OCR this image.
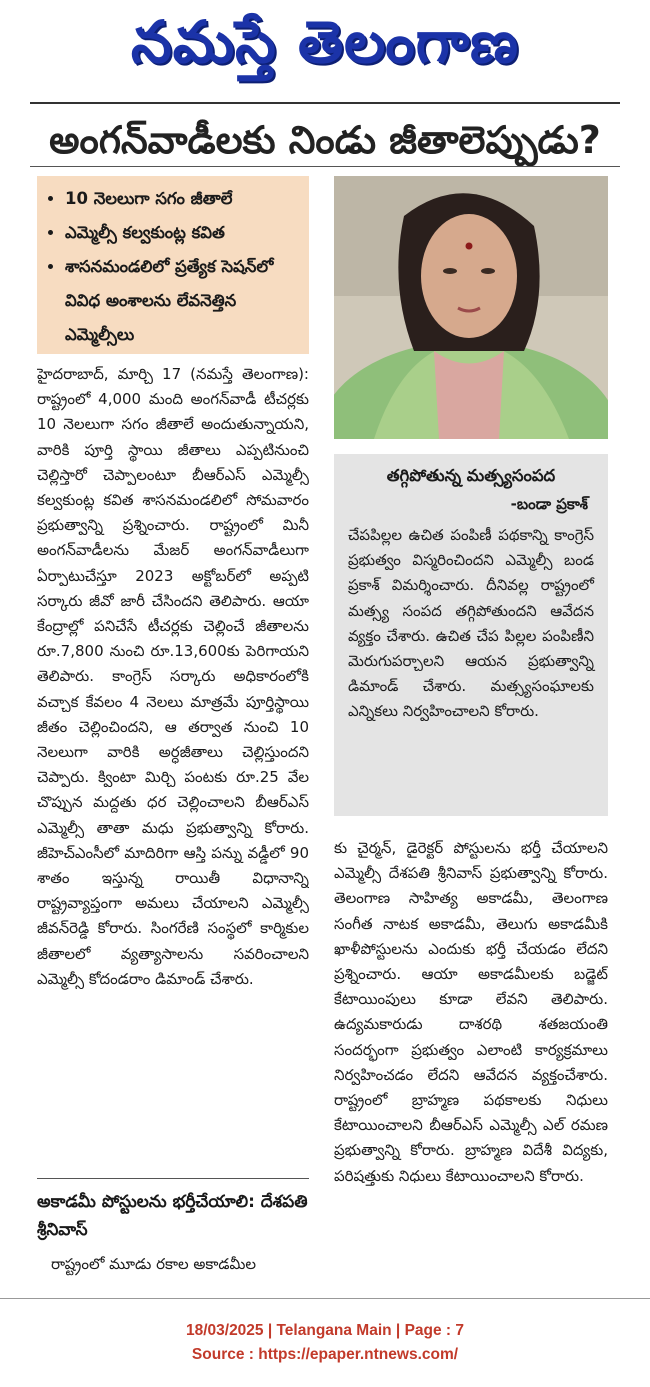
నమస్తే తెలంగాణ
అంగన్‌వాడీలకు నిండు జీతాలెప్పుడు?
• 10 నెలలుగా సగం జీతాలే
• ఎమ్మెల్సీ కల్వకుంట్ల కవిత
• శాసనమండలిలో ప్రత్యేక సెషన్‌లో వివిధ అంశాలను లేవనెత్తిన ఎమ్మెల్సీలు

హైదరాబాద్, మార్చి 17 (నమస్తే తెలంగాణ): రాష్ట్రంలో 4,000 మంది అంగన్‌వాడీ టీచర్లకు 10 నెలలుగా సగం జీతాలే అందుతున్నాయని, వారికి పూర్తి స్థాయి జీతాలు ఎప్పటినుంచి చెల్లిస్తారో చెప్పాలంటూ బీఆర్‌ఎస్ ఎమ్మెల్సీ కల్వకుంట్ల కవిత శాసనమండలిలో సోమవారం ప్రభుత్వాన్ని ప్రశ్నించారు. రాష్ట్రంలో మినీ అంగన్‌వాడీలను మేజర్ అంగన్‌వాడీలుగా ఏర్పాటుచేస్తూ 2023 అక్టోబర్‌లో అప్పటి సర్కారు జీవో జారీ చేసిందని తెలిపారు. ఆయా కేంద్రాల్లో పనిచేసే టీచర్లకు చెల్లించే జీతాలను రూ.7,800 నుంచి రూ.13,600కు పెరిగాయని తెలిపారు. కాంగ్రెస్ సర్కారు అధికారంలోకి వచ్చాక కేవలం 4 నెలలు మాత్రమే పూర్తిస్థాయి జీతం చెల్లించిందని, ఆ తర్వాత నుంచి 10 నెలలుగా వారికి అర్ధజీతాలు చెల్లిస్తుందని చెప్పారు. క్వింటా మిర్చి పంటకు రూ.25 వేల చొప్పున మద్దతు ధర చెల్లించాలని బీఆర్‌ఎస్ ఎమ్మెల్సీ తాతా మధు ప్రభుత్వాన్ని కోరారు. జీహెచ్‌ఎంసీలో మాదిరిగా ఆస్తి పన్ను వడ్డీలో 90 శాతం ఇస్తున్న రాయితీ విధానాన్ని రాష్ట్రవ్యాప్తంగా అమలు చేయాలని ఎమ్మెల్సీ జీవన్‌రెడ్డి కోరారు. సింగరేణి సంస్థలో కార్మికుల జీతాలలో వ్యత్యాసాలను సవరించాలని ఎమ్మెల్సీ కోదండరాం డిమాండ్ చేశారు.

అకాడమీ పోస్టులను భర్తీచేయాలి: దేశపతి శ్రీనివాస్

రాష్ట్రంలో మూడు రకాల అకాడమీల

తగ్గిపోతున్న మత్స్యసంపద
-బండా ప్రకాశ్
చేపపిల్లల ఉచిత పంపిణీ పథకాన్ని కాంగ్రెస్ ప్రభుత్వం విస్మరించిందని ఎమ్మెల్సీ బండ ప్రకాశ్ విమర్శించారు. దీనివల్ల రాష్ట్రంలో మత్స్య సంపద తగ్గిపోతుందని ఆవేదన వ్యక్తం చేశారు. ఉచిత చేప పిల్లల పంపిణీని మెరుగుపర్చాలని ఆయన ప్రభుత్వాన్ని డిమాండ్ చేశారు. మత్స్యసంఘాలకు ఎన్నికలు నిర్వహించాలని కోరారు.

కు చైర్మన్, డైరెక్టర్ పోస్టులను భర్తీ చేయాలని ఎమ్మెల్సీ దేశపతి శ్రీనివాస్ ప్రభుత్వాన్ని కోరారు. తెలంగాణ సాహిత్య అకాడమీ, తెలంగాణ సంగీత నాటక అకాడమీ, తెలుగు అకాడమీకి ఖాళీపోస్టులను ఎందుకు భర్తీ చేయడం లేదని ప్రశ్నించారు. ఆయా అకాడమీలకు బడ్జెట్ కేటాయింపులు కూడా లేవని తెలిపారు. ఉద్యమకారుడు దాశరథి శతజయంతి సందర్భంగా ప్రభుత్వం ఎలాంటి కార్యక్రమాలు నిర్వహించడం లేదని ఆవేదన వ్యక్తంచేశారు. రాష్ట్రంలో బ్రాహ్మణ పథకాలకు నిధులు కేటాయించాలని బీఆర్‌ఎస్ ఎమ్మెల్సీ ఎల్ రమణ ప్రభుత్వాన్ని కోరారు. బ్రాహ్మణ విదేశీ విద్యకు, పరిషత్తుకు నిధులు కేటాయించాలని కోరారు.

18/03/2025 | Telangana Main | Page : 7
Source : https://epaper.ntnews.com/
